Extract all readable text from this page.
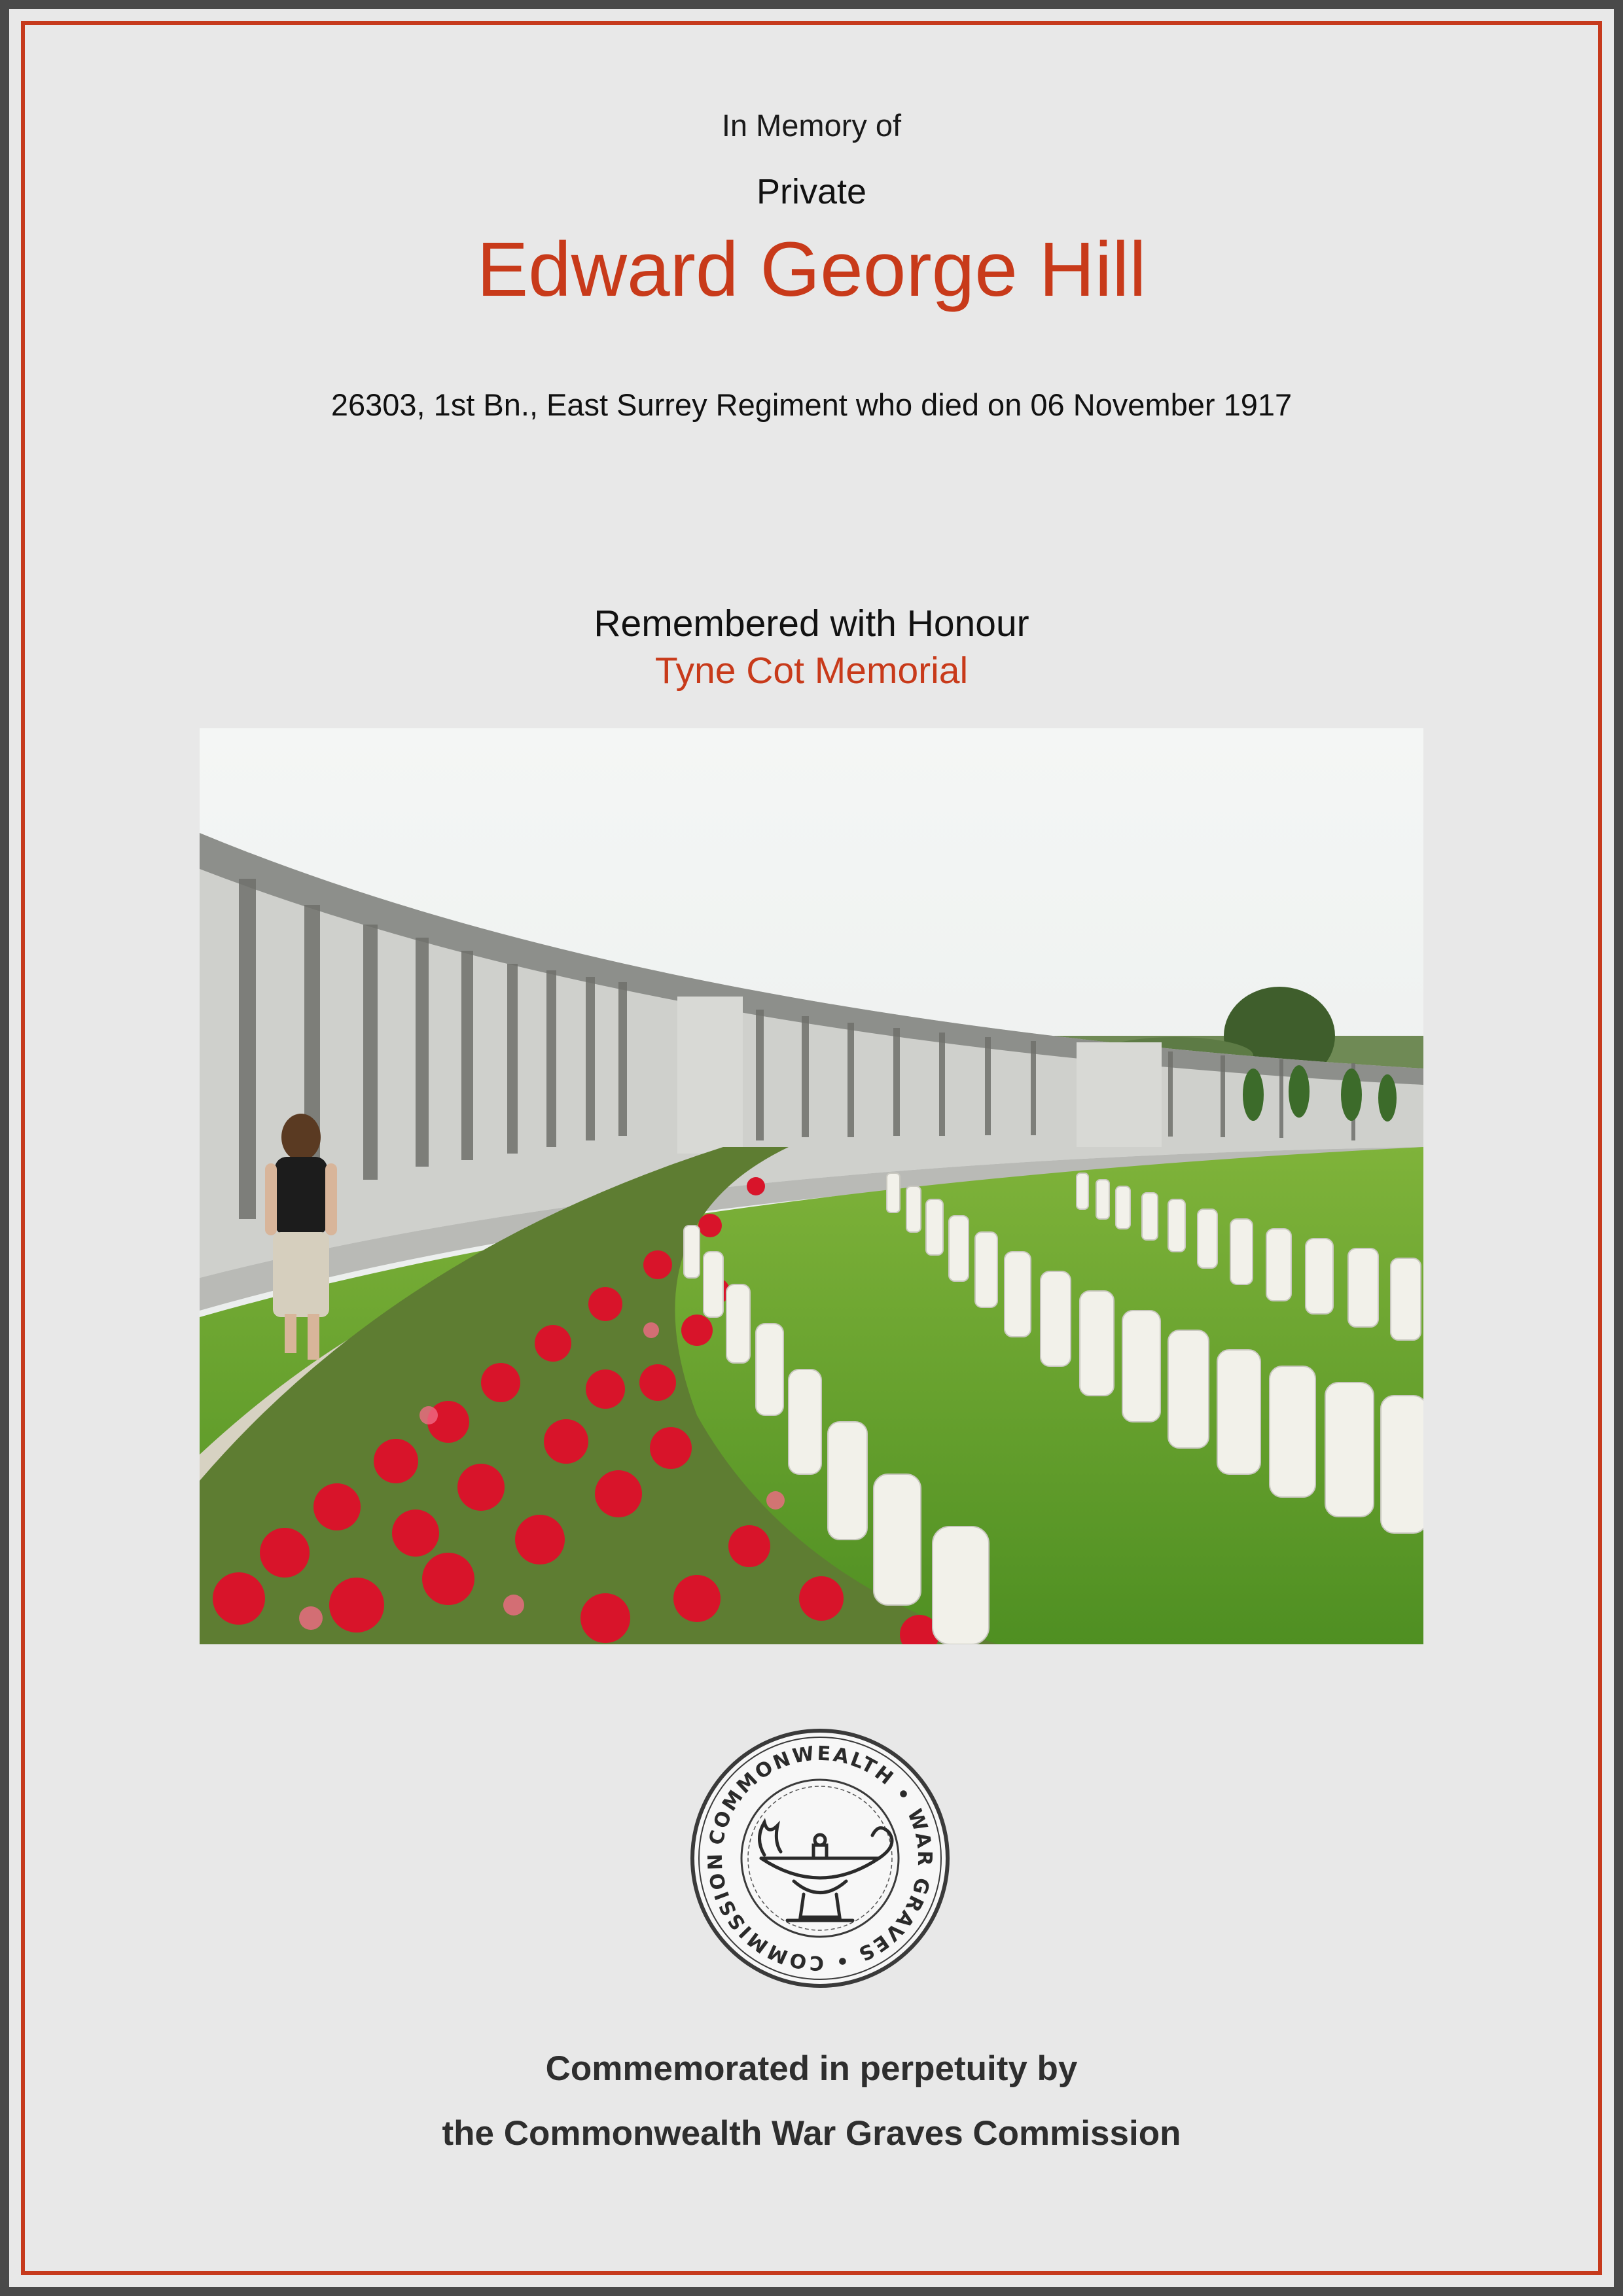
In Memory of
Private
Edward George Hill
26303, 1st Bn., East Surrey Regiment who died on 06 November 1917
Remembered with Honour
Tyne Cot Memorial
COMMONWEALTH • WAR GRAVES • COMMISSION
Commemorated in perpetuity by
the Commonwealth War Graves Commission
